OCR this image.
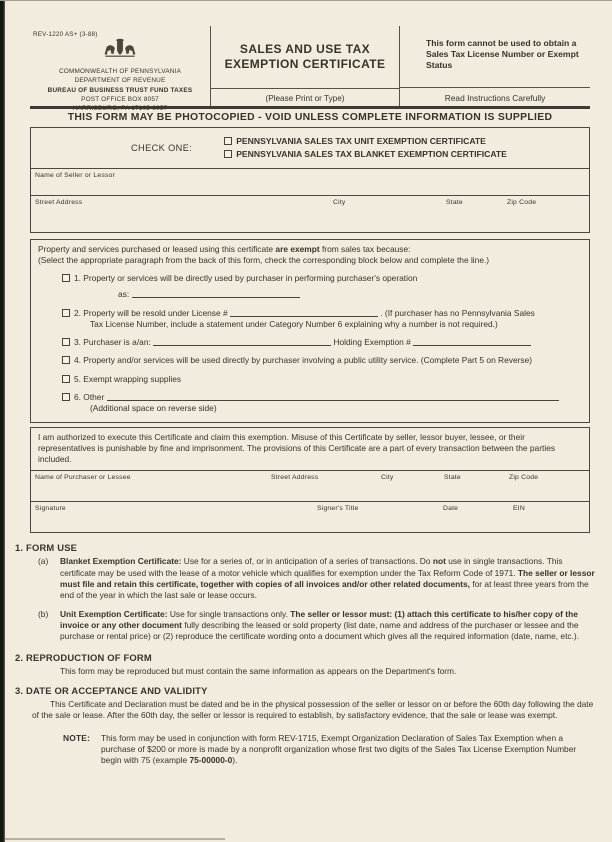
REV-1220 AS+ (3-88)
COMMONWEALTH OF PENNSYLVANIA
DEPARTMENT OF REVENUE
BUREAU OF BUSINESS TRUST FUND TAXES
POST OFFICE BOX 8057
HARRISBURG, PA 17105-8057
SALES AND USE TAX
EXEMPTION CERTIFICATE
(Please Print or Type)
This form cannot be used to obtain a Sales Tax License Number or Exempt Status
Read Instructions Carefully
THIS FORM MAY BE PHOTOCOPIED - VOID UNLESS COMPLETE INFORMATION IS SUPPLIED
CHECK ONE:
PENNSYLVANIA SALES TAX UNIT EXEMPTION CERTIFICATE
PENNSYLVANIA SALES TAX BLANKET EXEMPTION CERTIFICATE
Name of Seller or Lessor
Street Address	City	State	Zip Code
Property and services purchased or leased using this certificate are exempt from sales tax because:
(Select the appropriate paragraph from the back of this form, check the corresponding block below and complete the line.)
1. Property or services will be directly used by purchaser in performing purchaser's operation
as:
2. Property will be resold under License #	. (If purchaser has no Pennsylvania Sales
Tax License Number, include a statement under Category Number 6 explaining why a number is not required.)
3. Purchaser is a/an:	Holding Exemption #
4. Property and/or services will be used directly by purchaser involving a public utility service. (Complete Part 5 on Reverse)
5. Exempt wrapping supplies
6. Other
(Additional space on reverse side)
I am authorized to execute this Certificate and claim this exemption. Misuse of this Certificate by seller, lessor buyer, lessee, or their representatives is punishable by fine and imprisonment. The provisions of this Certificate are a part of every transaction between the parties included.
Name of Purchaser or Lessee	Street Address	City	State	Zip Code
Signature	Signer's Title	Date	EIN
1. FORM USE
(a)	Blanket Exemption Certificate: Use for a series of, or in anticipation of a series of transactions. Do not use in single transactions. This certificate may be used with the lease of a motor vehicle which qualifies for exemption under the Tax Reform Code of 1971. The seller or lessor must file and retain this certificate, together with copies of all invoices and/or other related documents, for at least three years from the end of the year in which the last sale or lease occurs.
(b)	Unit Exemption Certificate: Use for single transactions only. The seller or lessor must: (1) attach this certificate to his/her copy of the invoice or any other document fully describing the leased or sold property (list date, name and address of the purchaser or lessee and the purchase or rental price) or (2) reproduce the certificate wording onto a document which gives all the required information (date, name, etc.).
2. REPRODUCTION OF FORM
This form may be reproduced but must contain the same information as appears on the Department's form.
3. DATE OR ACCEPTANCE AND VALIDITY
This Certificate and Declaration must be dated and be in the physical possession of the seller or lessor on or before the 60th day following the date of the sale or lease. After the 60th day, the seller or lessor is required to establish, by satisfactory evidence, that the sale or lease was exempt.
NOTE:	This form may be used in conjunction with form REV-1715, Exempt Organization Declaration of Sales Tax Exemption when a purchase of $200 or more is made by a nonprofit organization whose first two digits of the Sales Tax License Exemption Number begin with 75 (example 75-00000-0).
